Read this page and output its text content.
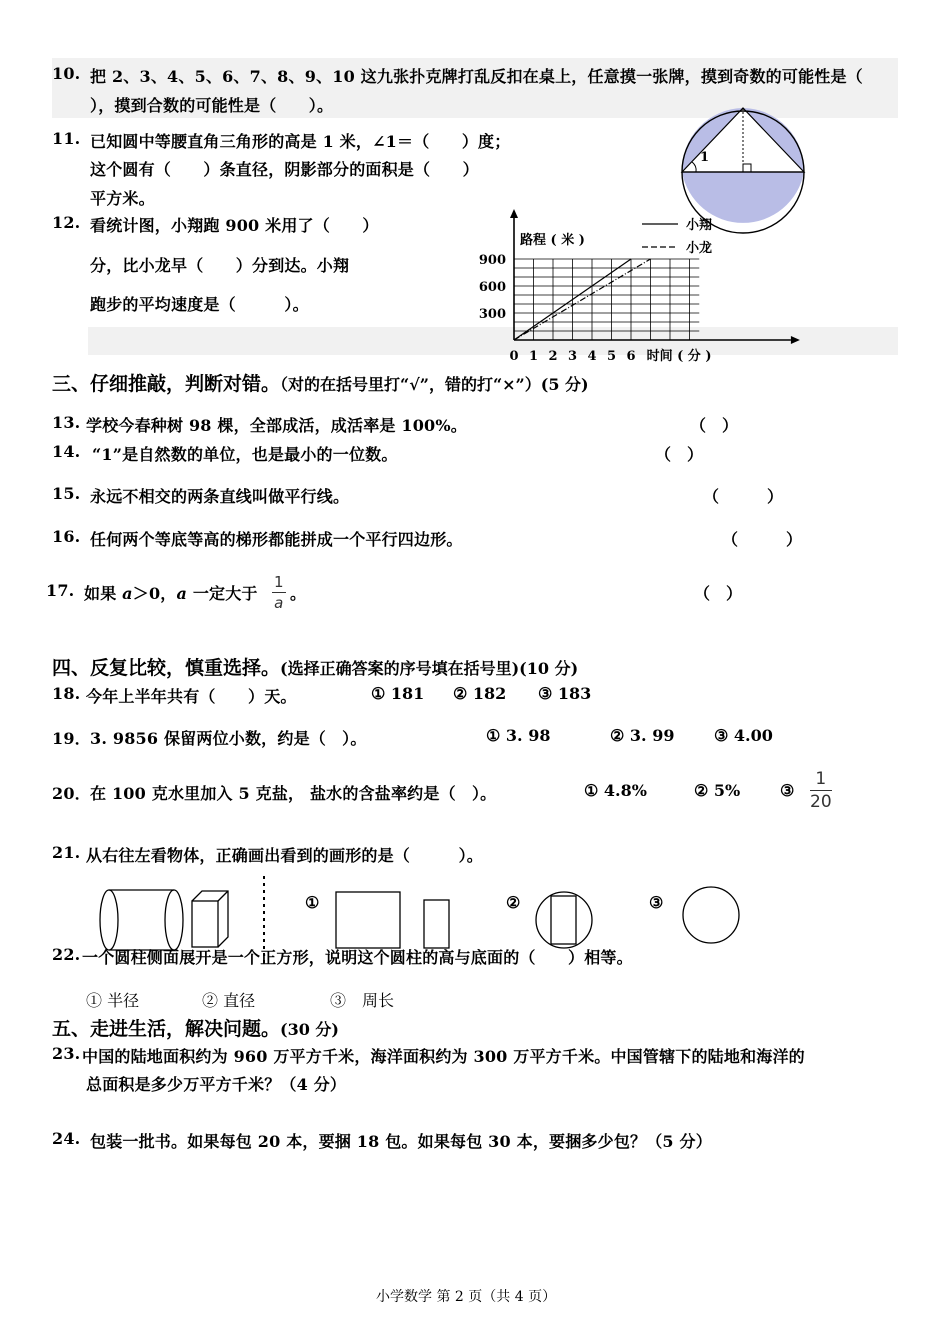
10. 把 2、3、4、5、6、7、8、9、10 这九张扑克牌打乱反扣在桌上，任意摸一张牌，摸到奇数的可能性是（
），摸到合数的可能性是（　　）。
11. 已知圆中等腰直角三角形的高是 1 米，∠1＝（　　）度；
这个圆有（　　）条直径，阴影部分的面积是（　　）
平方米。
1
12. 看统计图，小翔跑 900 米用了（　　）
分，比小龙早（　　）分到达。小翔
跑步的平均速度是（　　　）。
0 1 2 3 4 5 6
300
600
900
时间 ( 分 )
路程 ( 米 )
小翔
小龙
三、仔细推敲，判断对错。（对的在括号里打“√”，错的打“×”）(5 分)
13. 学校今春种树 98 棵，全部成活，成活率是 100%。	（　）
14. “1”是自然数的单位，也是最小的一位数。	（　）
15. 永远不相交的两条直线叫做平行线。	（　　　）
16. 任何两个等底等高的梯形都能拼成一个平行四边形。	（　　　）
17. 如果 a＞0，a 一定大于 $\frac{1}{a}$ 。	（　）
四、反复比较，慎重选择。(选择正确答案的序号填在括号里)(10 分)
18. 今年上半年共有（　　）天。	① 181 ② 182 ③ 183
19． 3. 9856 保留两位小数，约是（　）。	① 3. 98	② 3. 99 ③ 4.00
20． 在 100 克水里加入 5 克盐， 盐水的含盐率约是（　）。	① 4.8%	② 5% ③ $\frac{1}{20}$
21. 从右往左看物体，正确画出看到的画形的是（　　　）。
①	②	③
22. 一个圆柱侧面展开是一个正方形，说明这个圆柱的高与底面的（　　）相等。
① 半径	② 直径	③　周长
五、走进生活，解决问题。(30 分)
23. 中国的陆地面积约为 960 万平方千米，海洋面积约为 300 万平方千米。中国管辖下的陆地和海洋的
总面积是多少万平方千米？（4 分）
24. 包装一批书。如果每包 20 本，要捆 18 包。如果每包 30 本，要捆多少包？（5 分）
小学数学 第 2 页（共 4 页）
